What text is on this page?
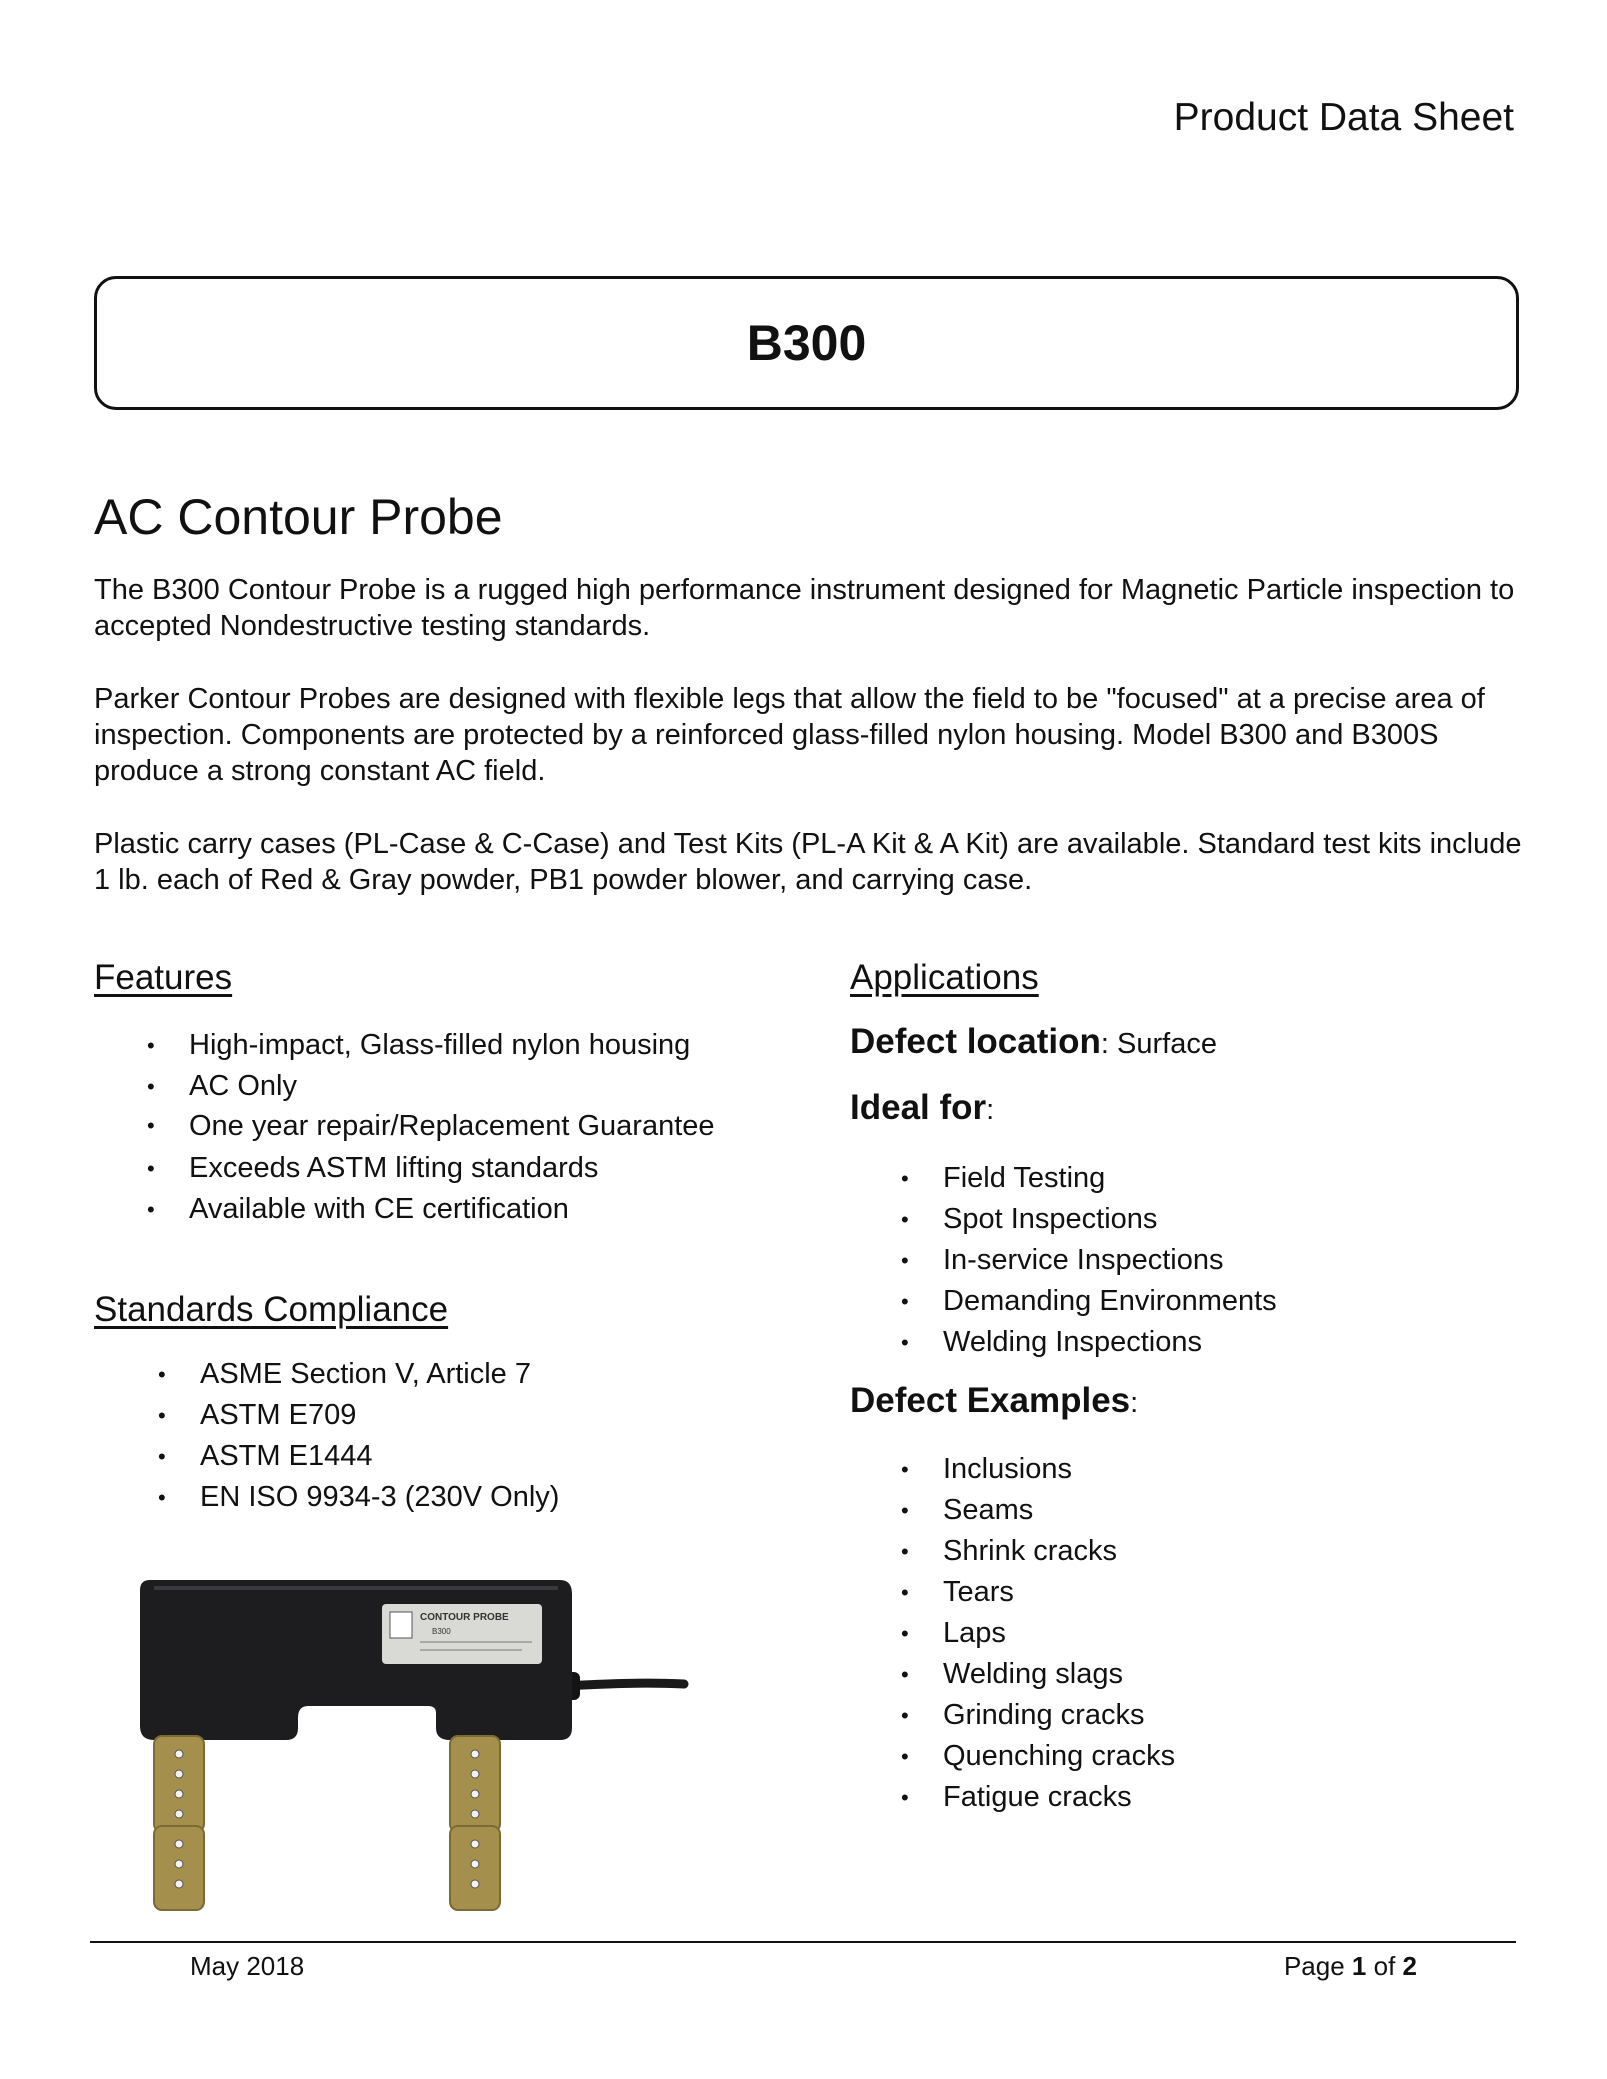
Product Data Sheet
B300
AC Contour Probe
The B300 Contour Probe is a rugged high performance instrument designed for Magnetic Particle inspection to accepted Nondestructive testing standards.
Parker Contour Probes are designed with flexible legs that allow the field to be "focused" at a precise area of inspection. Components are protected by a reinforced glass-filled nylon housing. Model B300 and B300S produce a strong constant AC field.
Plastic carry cases (PL-Case & C-Case) and Test Kits (PL-A Kit & A Kit) are available. Standard test kits include 1 lb. each of Red & Gray powder, PB1 powder blower, and carrying case.
Features
• High-impact, Glass-filled nylon housing
• AC Only
• One year repair/Replacement Guarantee
• Exceeds ASTM lifting standards
• Available with CE certification
Standards Compliance
• ASME Section V, Article 7
• ASTM E709
• ASTM E1444
• EN ISO 9934-3 (230V Only)
Applications
Defect location: Surface
Ideal for:
• Field Testing
• Spot Inspections
• In-service Inspections
• Demanding Environments
• Welding Inspections
Defect Examples:
• Inclusions
• Seams
• Shrink cracks
• Tears
• Laps
• Welding slags
• Grinding cracks
• Quenching cracks
• Fatigue cracks
CONTOUR PROBE
B300
May 2018	Page 1 of 2
